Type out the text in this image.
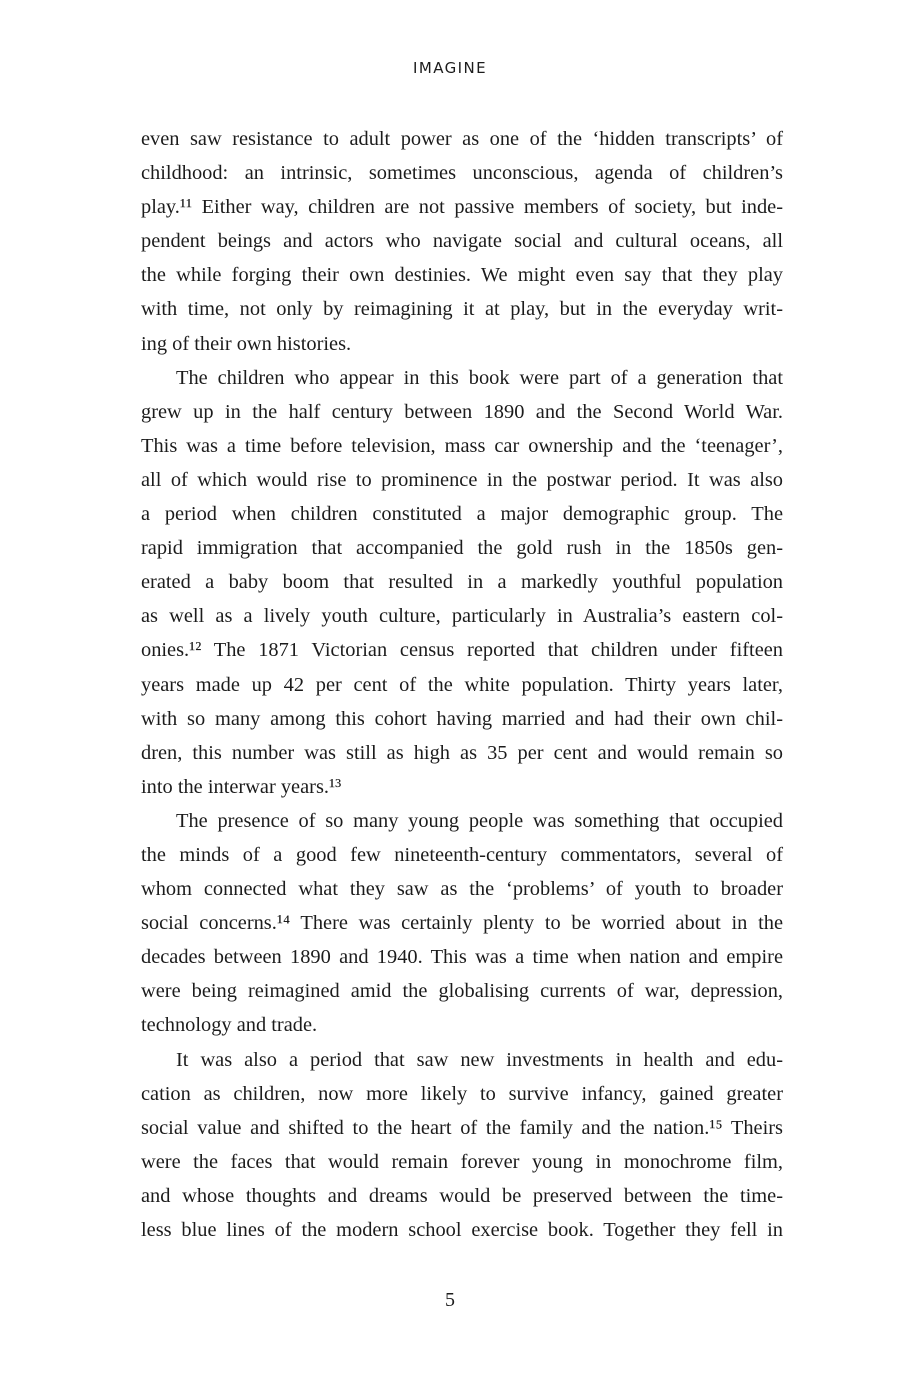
IMAGINE
even saw resistance to adult power as one of the ‘hidden transcripts’ of
childhood: an intrinsic, sometimes unconscious, agenda of children’s
play.¹¹ Either way, children are not passive members of society, but inde-
pendent beings and actors who navigate social and cultural oceans, all
the while forging their own destinies. We might even say that they play
with time, not only by reimagining it at play, but in the everyday writ-
ing of their own histories.
The children who appear in this book were part of a generation that
grew up in the half century between 1890 and the Second World War.
This was a time before television, mass car ownership and the ‘teenager’,
all of which would rise to prominence in the postwar period. It was also
a period when children constituted a major demographic group. The
rapid immigration that accompanied the gold rush in the 1850s gen-
erated a baby boom that resulted in a markedly youthful population
as well as a lively youth culture, particularly in Australia’s eastern col-
onies.¹² The 1871 Victorian census reported that children under fifteen
years made up 42 per cent of the white population. Thirty years later,
with so many among this cohort having married and had their own chil-
dren, this number was still as high as 35 per cent and would remain so
into the interwar years.¹³
The presence of so many young people was something that occupied
the minds of a good few nineteenth-century commentators, several of
whom connected what they saw as the ‘problems’ of youth to broader
social concerns.¹⁴ There was certainly plenty to be worried about in the
decades between 1890 and 1940. This was a time when nation and empire
were being reimagined amid the globalising currents of war, depression,
technology and trade.
It was also a period that saw new investments in health and edu-
cation as children, now more likely to survive infancy, gained greater
social value and shifted to the heart of the family and the nation.¹⁵ Theirs
were the faces that would remain forever young in monochrome film,
and whose thoughts and dreams would be preserved between the time-
less blue lines of the modern school exercise book. Together they fell in
5
